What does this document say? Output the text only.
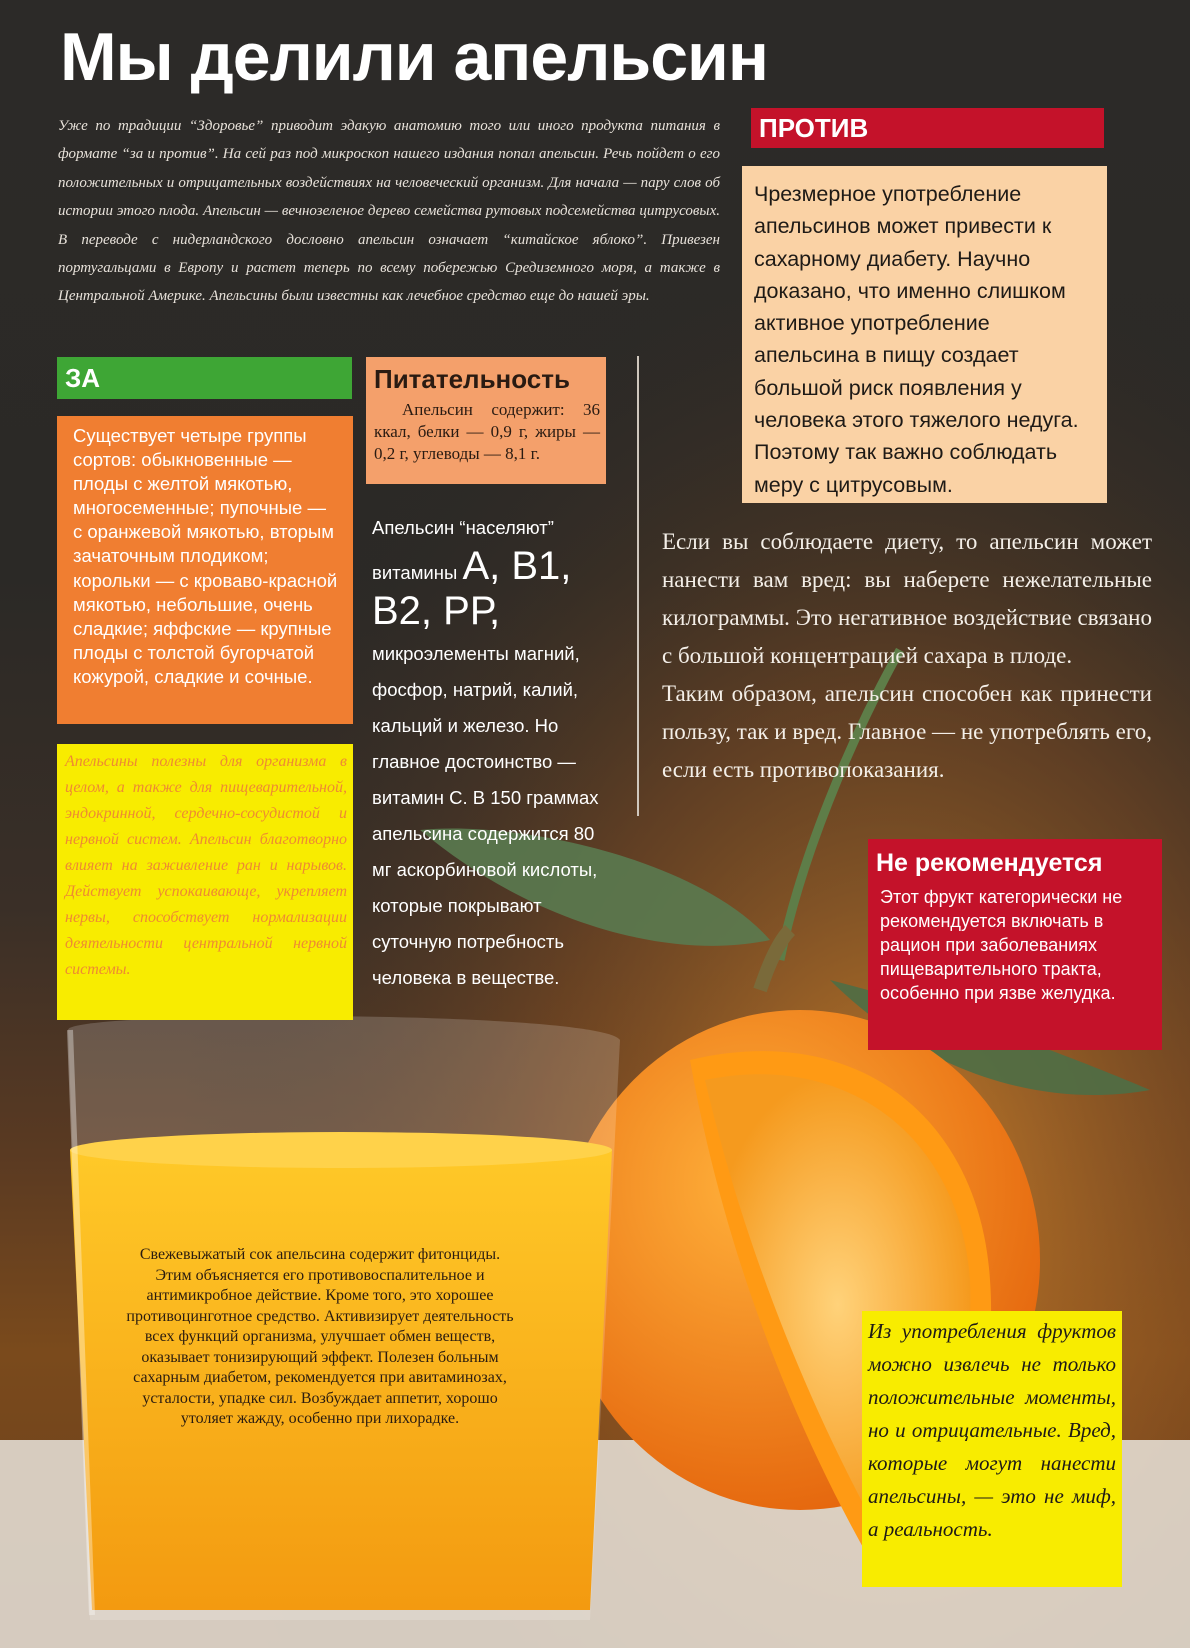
Мы делили апельсин
Уже по традиции “Здоровье” приводит эдакую анатомию того или иного продукта питания в формате “за и против”. На сей раз под микроскоп нашего издания попал апельсин. Речь пойдет о его положительных и отрицательных воздействиях на человеческий организм. Для начала — пару слов об истории этого плода. Апельсин — вечнозеленое дерево семейства рутовых подсемейства цитрусовых. В переводе с нидерландского дословно апельсин означает “китайское яблоко”. Привезен португальцами в Европу и растет теперь по всему побережью Средиземного моря, а также в Центральной Америке. Апельсины были известны как лечебное средство еще до нашей эры.
ЗА
Существует четыре группы сортов: обыкновенные — плоды с желтой мякотью, многосеменные; пупочные — с оранжевой мякотью, вторым зачаточным плодиком; корольки — с кроваво-красной мякотью, небольшие, очень сладкие; яффские — крупные плоды с толстой бугорчатой кожурой, сладкие и сочные.
Апельсины полезны для организма в целом, а также для пищеварительной, эндокринной, сердечно-сосудистой и нервной систем. Апельсин благотворно влияет на заживление ран и нарывов. Действует успокаивающе, укрепляет нервы, способствует нормализации деятельности центральной нервной системы.
Питательность
Апельсин содержит: 36 ккал, белки — 0,9 г, жиры — 0,2 г, углеводы — 8,1 г.
Апельсин “населяют” витамины А, В1, В2, РР, микроэлементы магний, фосфор, натрий, калий, кальций и железо. Но главное достоинство — витамин С. В 150 граммах апельсина содержится 80 мг аскорбиновой кислоты, которые покрывают суточную потребность человека в веществе.
ПРОТИВ
Чрезмерное употребление апельсинов может привести к сахарному диабету. Научно доказано, что именно слишком активное употребление апельсина в пищу создает большой риск появления у человека этого тяжелого недуга. Поэтому так важно соблюдать меру с цитрусовым.
Если вы соблюдаете диету, то апельсин может нанести вам вред: вы наберете нежелательные килограммы. Это негативное воздействие связано с большой концентрацией сахара в плоде.
Таким образом, апельсин способен как принести пользу, так и вред. Главное — не употреблять его, если есть противопоказания.
Не рекомендуется
Этот фрукт категорически не рекомендуется включать в рацион при заболеваниях пищеварительного тракта, особенно при язве желудка.
Свежевыжатый сок апельсина содержит фитонциды. Этим объясняется его противовоспалительное и антимикробное действие. Кроме того, это хорошее противоцинготное средство. Активизирует деятельность всех функций организма, улучшает обмен веществ, оказывает тонизирующий эффект. Полезен больным сахарным диабетом, рекомендуется при авитаминозах, усталости, упадке сил. Возбуждает аппетит, хорошо утоляет жажду, особенно при лихорадке.
Из употребления фруктов можно извлечь не только положительные моменты, но и отрицательные. Вред, которые могут нанести апельсины, — это не миф, а реальность.
